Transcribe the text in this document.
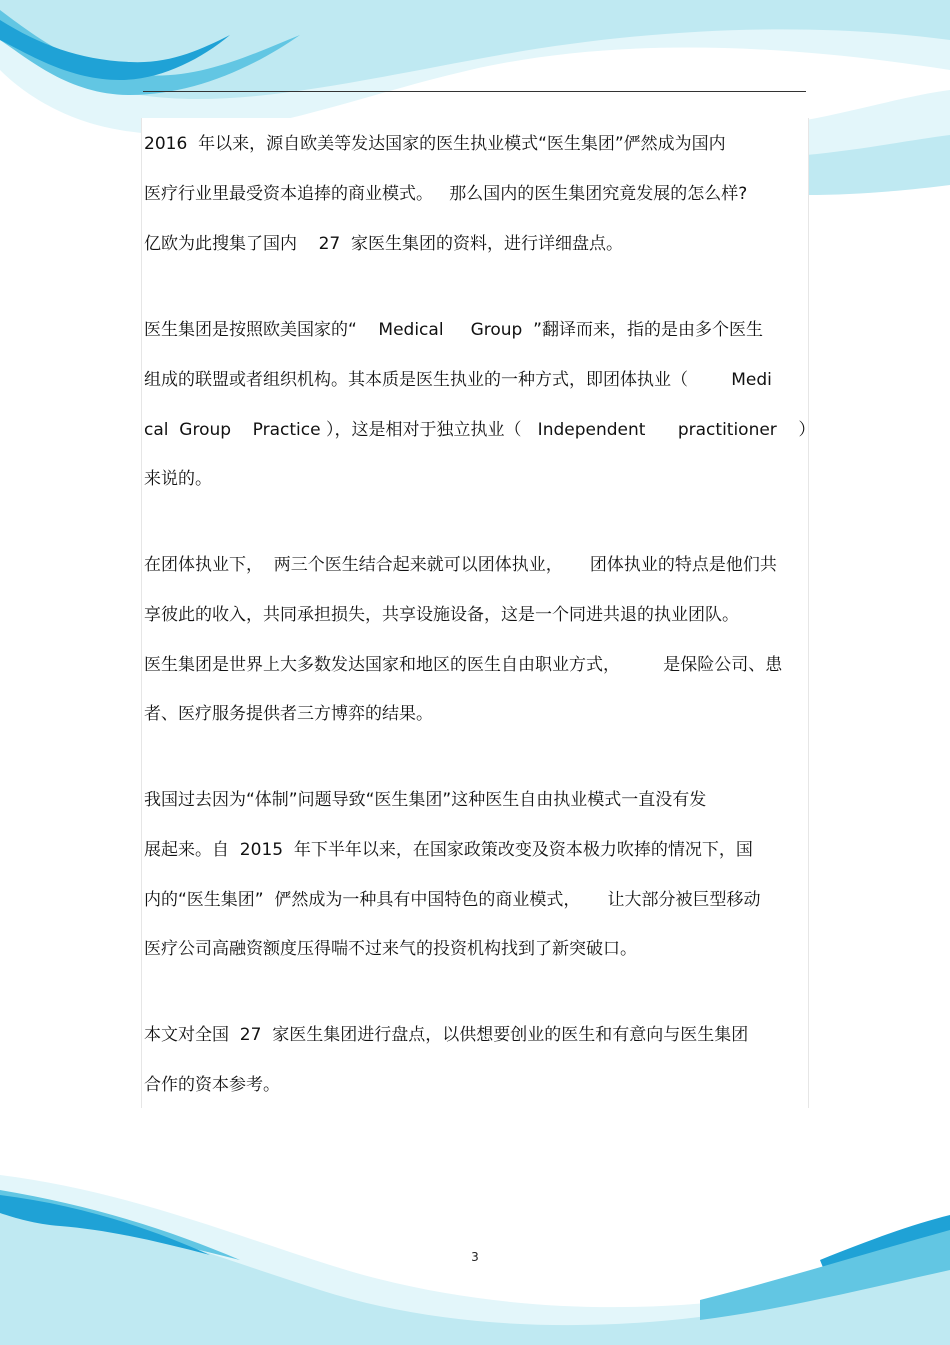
2016  年以来，源自欧美等发达国家的医生执业模式“医生集团”俨然成为国内
医疗行业里最受资本追捧的商业模式。   那么国内的医生集团究竟发展的怎么样?
亿欧为此搜集了国内    27  家医生集团的资料，进行详细盘点。
医生集团是按照欧美国家的“    Medical     Group  ”翻译而来，指的是由多个医生
组成的联盟或者组织机构。其本质是医生执业的一种方式，即团体执业（        Medi
cal  Group    Practice ），这是相对于独立执业（   Independent      practitioner    ）
来说的。
在团体执业下，  两三个医生结合起来就可以团体执业，     团体执业的特点是他们共
享彼此的收入，共同承担损失，共享设施设备，这是一个同进共退的执业团队。
医生集团是世界上大多数发达国家和地区的医生自由职业方式，        是保险公司、患
者、医疗服务提供者三方博弈的结果。
我国过去因为“体制”问题导致“医生集团”这种医生自由执业模式一直没有发
展起来。自  2015  年下半年以来，在国家政策改变及资本极力吹捧的情况下，国
内的“医生集团”  俨然成为一种具有中国特色的商业模式，     让大部分被巨型移动
医疗公司高融资额度压得喘不过来气的投资机构找到了新突破口。
本文对全国  27  家医生集团进行盘点，以供想要创业的医生和有意向与医生集团
合作的资本参考。
3
